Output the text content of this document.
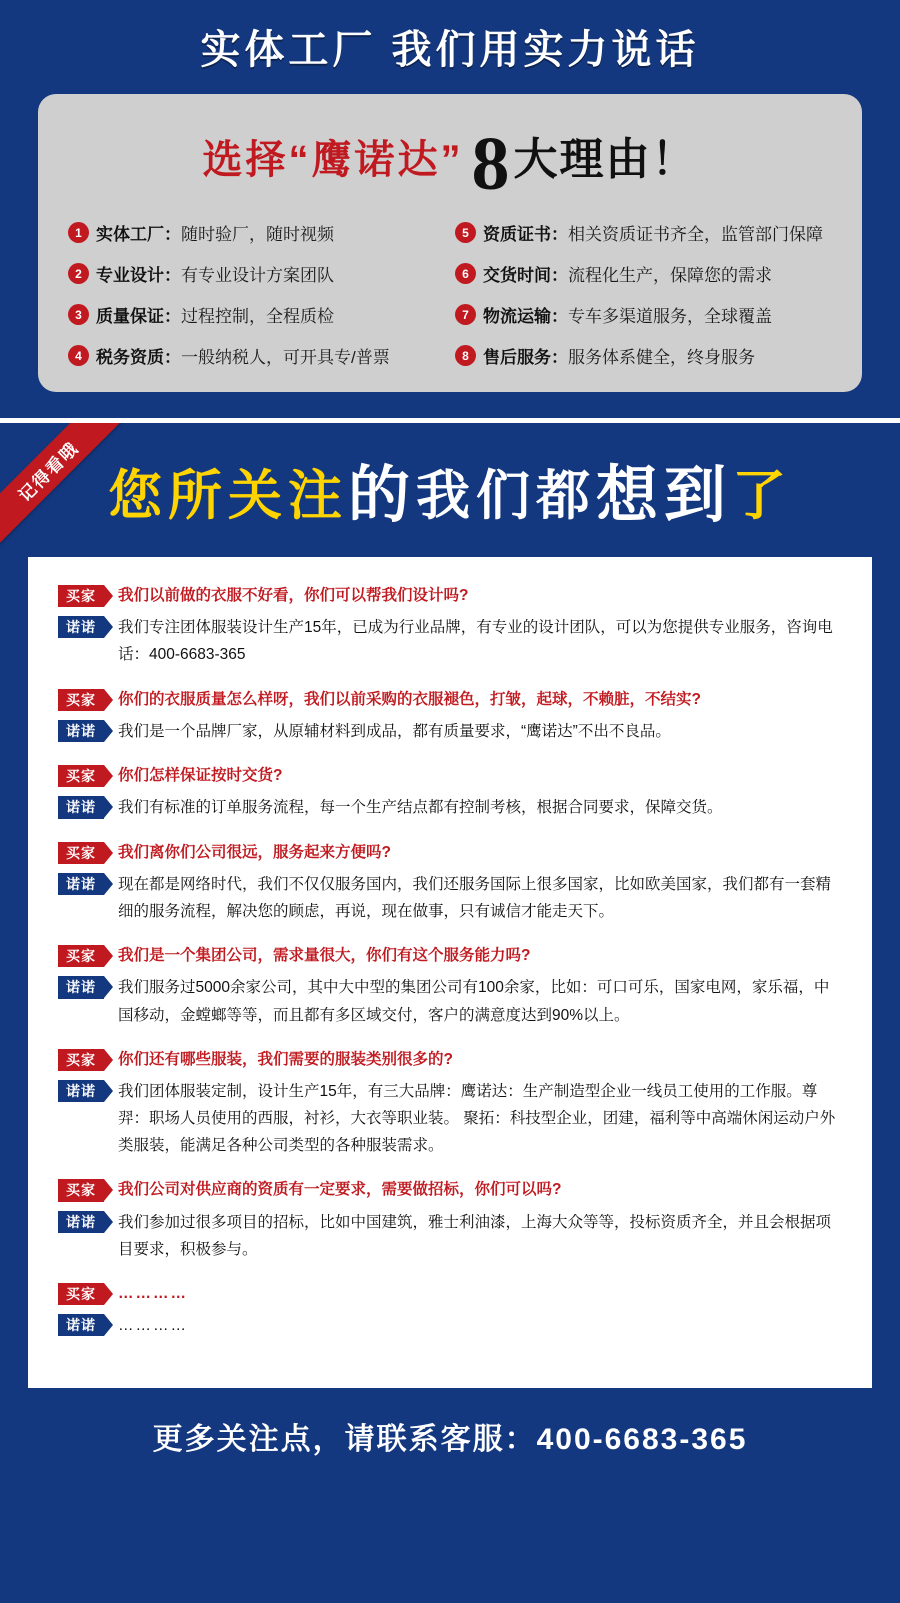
实体工厂 我们用实力说话
选择“鹰诺达” 8大理由！
1 实体工厂 ： 随时验厂，随时视频	5 资质证书 ： 相关资质证书齐全，监管部门保障
2 专业设计 ： 有专业设计方案团队	6 交货时间 ： 流程化生产，保障您的需求
3 质量保证 ： 过程控制，全程质检	7 物流运输 ： 专车多渠道服务，全球覆盖
4 税务资质 ： 一般纳税人，可开具专/普票	8 售后服务 ： 服务体系健全，终身服务
记得看哦 您所关注的我们都想到了
买家	我们以前做的衣服不好看，你们可以帮我们设计吗?
诺诺	我们专注团体服装设计生产15年，已成为行业品牌，有专业的设计团队，可以为您提供专业服务，咨询电话：400-6683-365
买家	你们的衣服质量怎么样呀，我们以前采购的衣服褪色，打皱，起球，不赖脏，不结实?
诺诺	我们是一个品牌厂家，从原辅材料到成品，都有质量要求，“鹰诺达”不出不良品。
买家	你们怎样保证按时交货?
诺诺	我们有标准的订单服务流程，每一个生产结点都有控制考核，根据合同要求，保障交货。
买家	我们离你们公司很远，服务起来方便吗?
诺诺	现在都是网络时代，我们不仅仅服务国内，我们还服务国际上很多国家，比如欧美国家，我们都有一套精细的服务流程，解决您的顾虑，再说，现在做事，只有诚信才能走天下。
买家	我们是一个集团公司，需求量很大，你们有这个服务能力吗?
诺诺	我们服务过5000余家公司，其中大中型的集团公司有100余家，比如：可口可乐，国家电网，家乐福，中国移动，金螳螂等等，而且都有多区域交付，客户的满意度达到90%以上。
买家	你们还有哪些服装，我们需要的服装类别很多的?
诺诺	我们团体服装定制，设计生产15年，有三大品牌：鹰诺达：生产制造型企业一线员工使用的工作服。尊羿：职场人员使用的西服，衬衫，大衣等职业装。 聚拓：科技型企业，团建，福利等中高端休闲运动户外类服装，能满足各种公司类型的各种服装需求。
买家	我们公司对供应商的资质有一定要求，需要做招标，你们可以吗?
诺诺	我们参加过很多项目的招标，比如中国建筑，雅士利油漆，上海大众等等，投标资质齐全，并且会根据项目要求，积极参与。
买家	…………
诺诺	…………
更多关注点，请联系客服：400-6683-365
